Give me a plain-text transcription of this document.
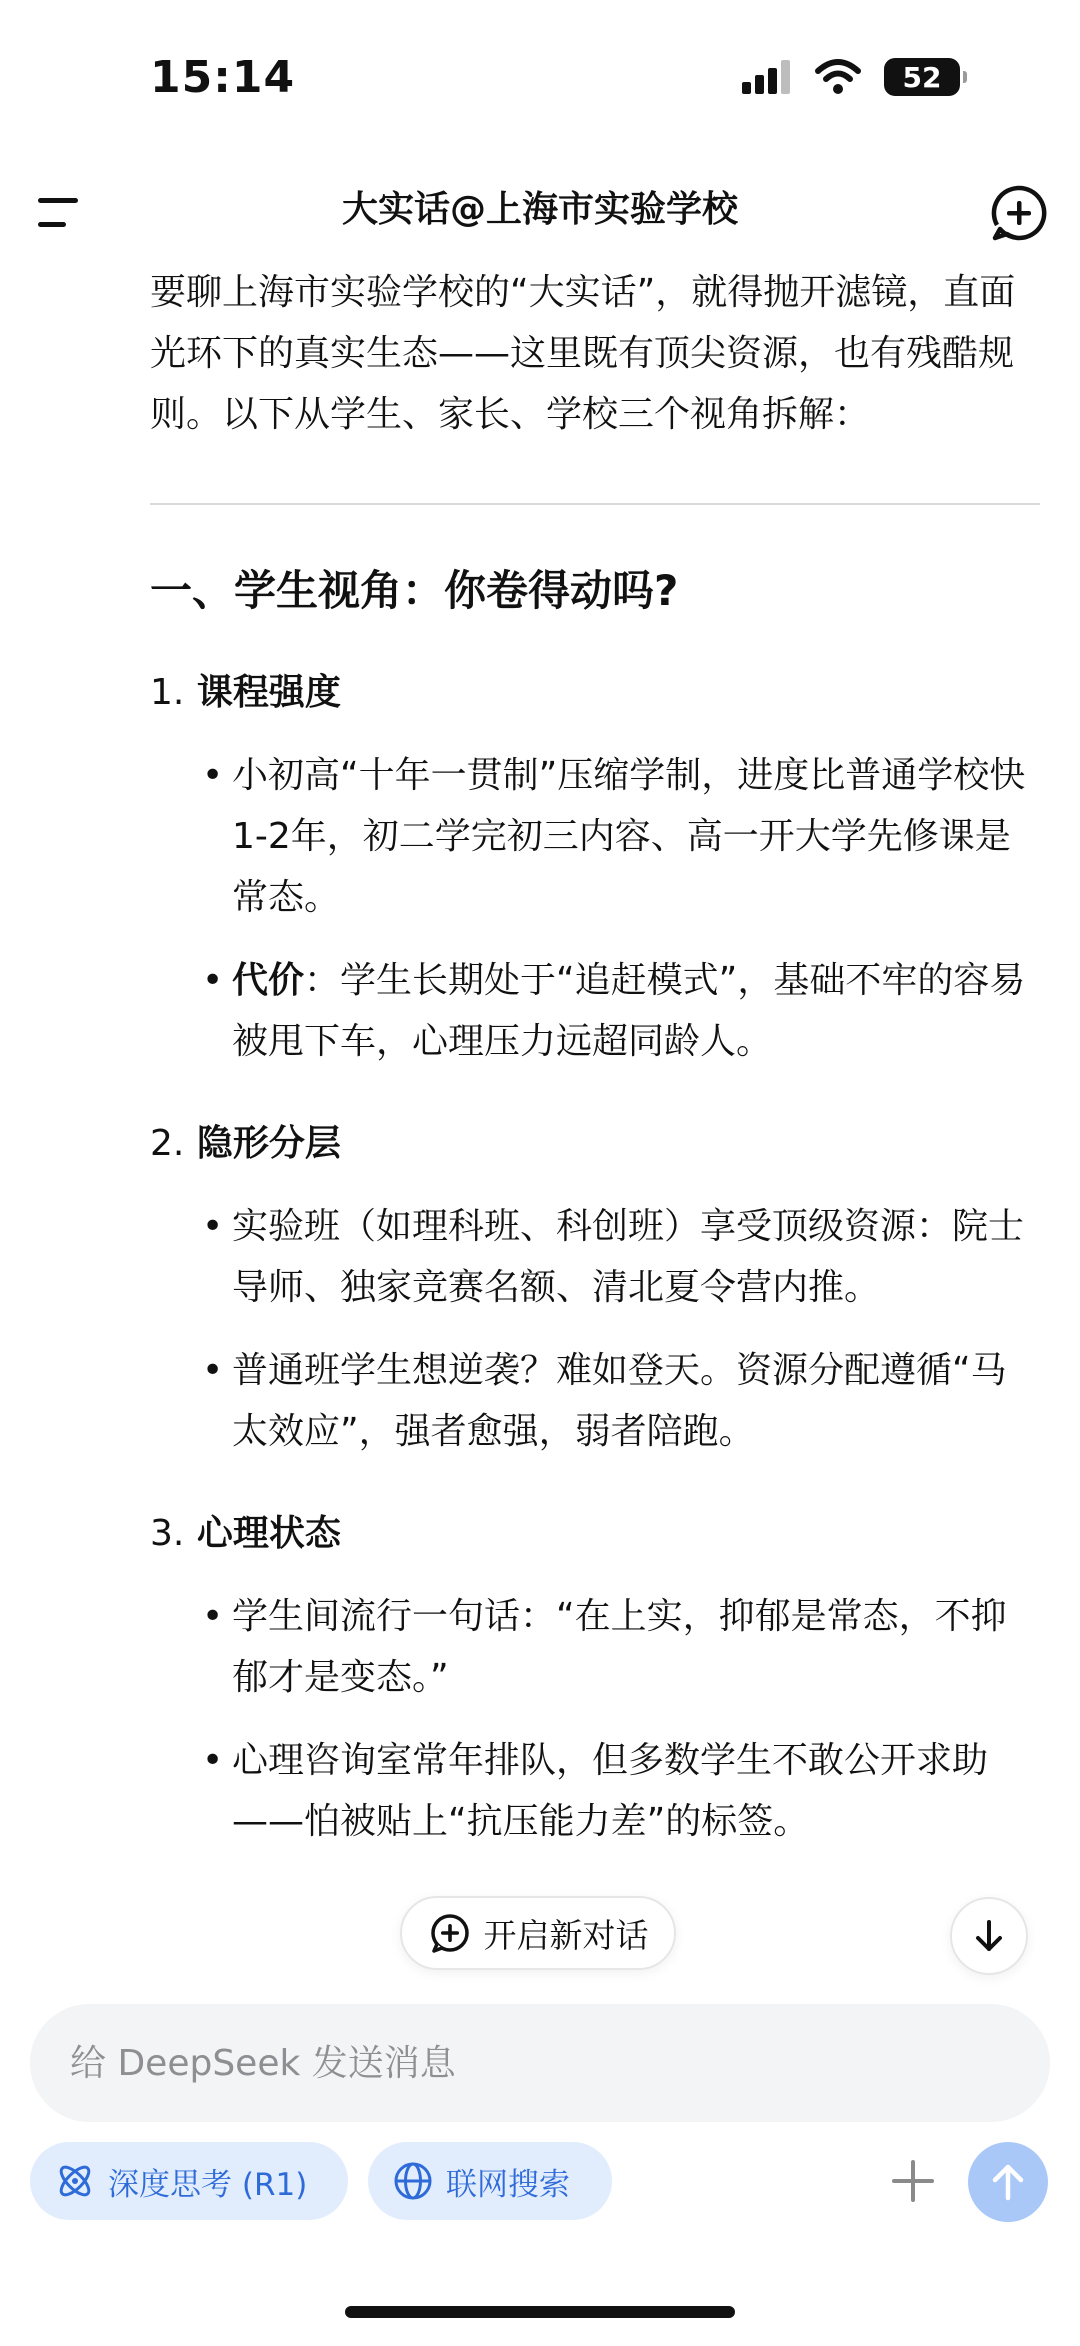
15:14	52
大实话@上海市实验学校

要聊上海市实验学校的“大实话”，就得抛开滤镜，直面光环下的真实生态——这里既有顶尖资源，也有残酷规则。以下从学生、家长、学校三个视角拆解：

一、学生视角：你卷得动吗?
1. 课程强度
• 小初高“十年一贯制”压缩学制，进度比普通学校快1-2年，初二学完初三内容、高一开大学先修课是常态。
• 代价：学生长期处于“追赶模式”，基础不牢的容易被甩下车，心理压力远超同龄人。
2. 隐形分层
• 实验班（如理科班、科创班）享受顶级资源：院士导师、独家竞赛名额、清北夏令营内推。
• 普通班学生想逆袭？难如登天。资源分配遵循“马太效应”，强者愈强，弱者陪跑。
3. 心理状态
• 学生间流行一句话：“在上实，抑郁是常态，不抑郁才是变态。”
• 心理咨询室常年排队，但多数学生不敢公开求助——怕被贴上“抗压能力差”的标签。
开启新对话
给 DeepSeek 发送消息
深度思考 (R1)	联网搜索
